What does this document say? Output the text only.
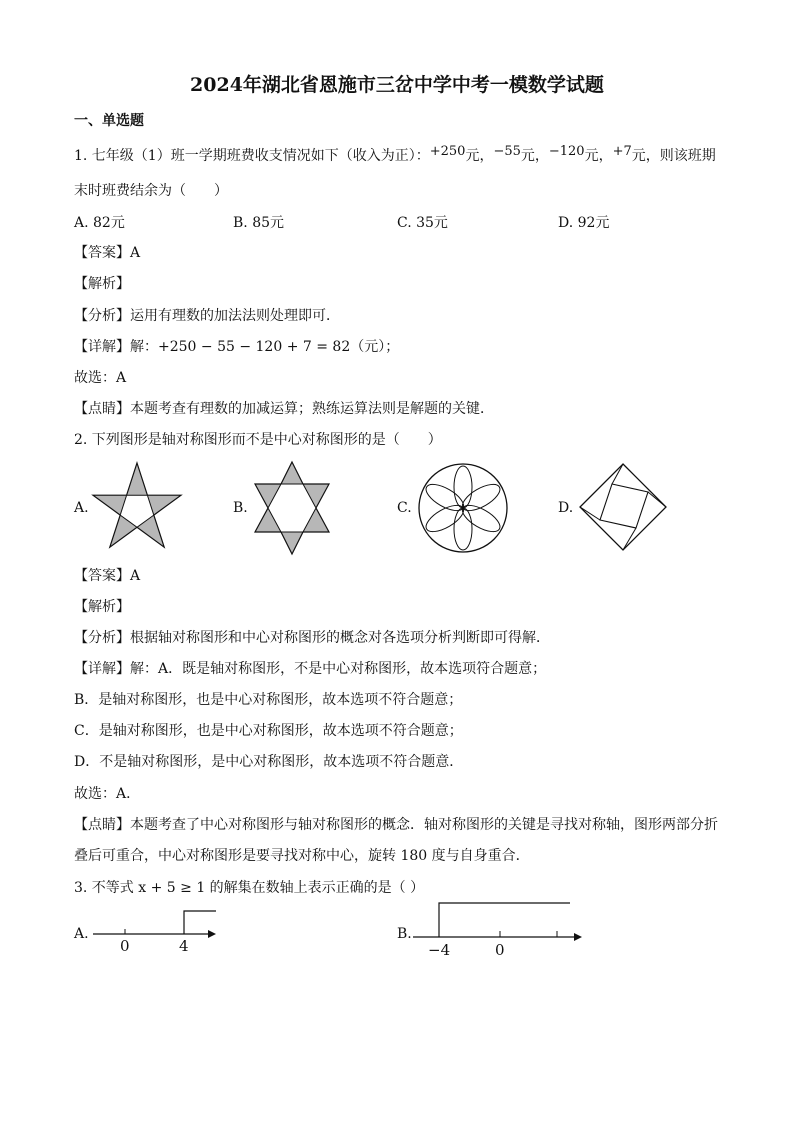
2024年湖北省恩施市三岔中学中考一模数学试题
一、单选题
1. 七年级（1）班一学期班费收支情况如下（收入为正）：+250元，−55元，−120元，+7元，则该班期
末时班费结余为（　　）
A. 82元	B. 85元	C. 35元	D. 92元
【答案】A
【解析】
【分析】运用有理数的加法法则处理即可．
【详解】解：+250 − 55 − 120 + 7 = 82（元）；
故选：A
【点睛】本题考查有理数的加减运算；熟练运算法则是解题的关键．
2. 下列图形是轴对称图形而不是中心对称图形的是（　　）
A.	B.	C.	D.
【答案】A
【解析】
【分析】根据轴对称图形和中心对称图形的概念对各选项分析判断即可得解．
【详解】解：A．既是轴对称图形，不是中心对称图形，故本选项符合题意；
B．是轴对称图形，也是中心对称图形，故本选项不符合题意；
C．是轴对称图形，也是中心对称图形，故本选项不符合题意；
D．不是轴对称图形，是中心对称图形，故本选项不符合题意．
故选：A．
【点睛】本题考查了中心对称图形与轴对称图形的概念．轴对称图形的关键是寻找对称轴，图形两部分折
叠后可重合，中心对称图形是要寻找对称中心，旋转 180 度与自身重合．
3. 不等式 x + 5 ≥ 1 的解集在数轴上表示正确的是（ ）
A.
0	4
B.
−4	0
